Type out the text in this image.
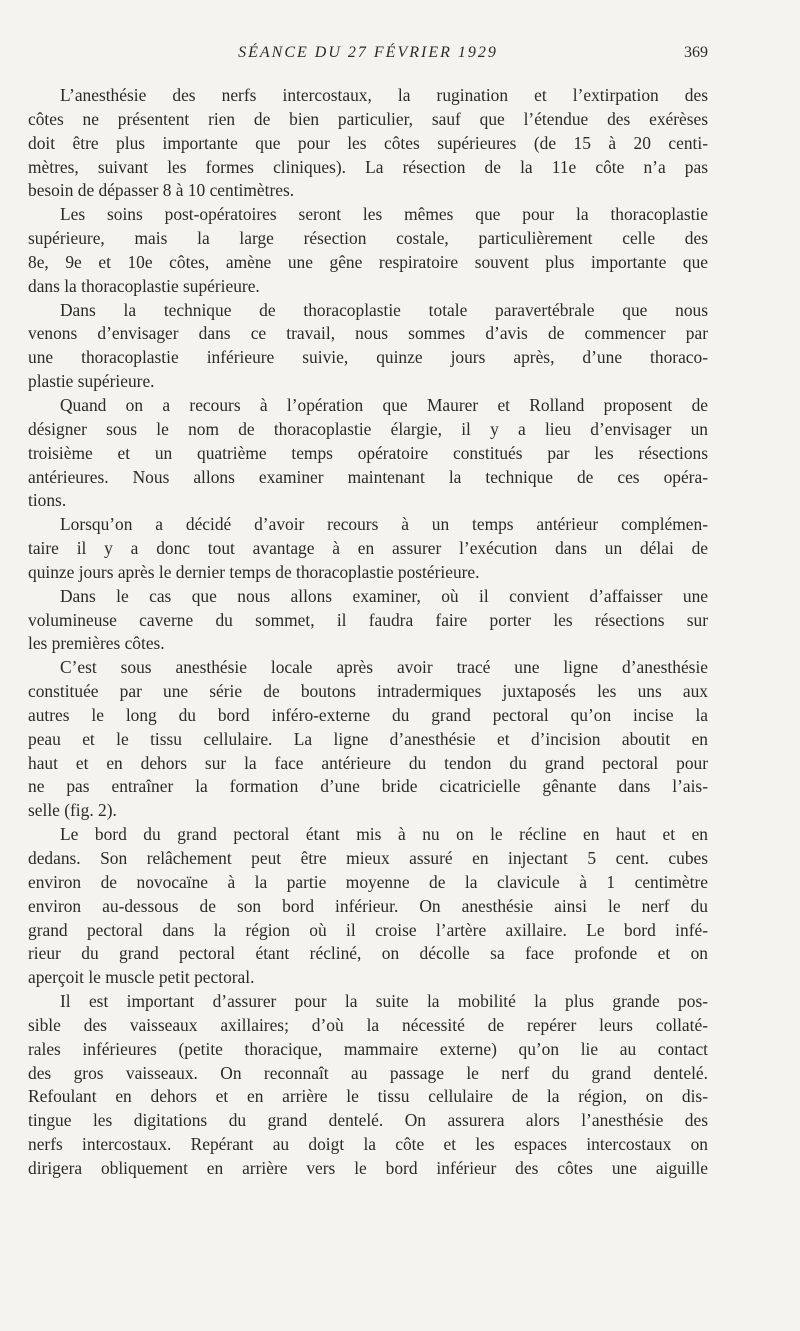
SÉANCE DU 27 FÉVRIER 1929	369
L’anesthésie des nerfs intercostaux, la rugination et l’extirpation des
côtes ne présentent rien de bien particulier, sauf que l’étendue des exérèses
doit être plus importante que pour les côtes supérieures (de 15 à 20 centi-
mètres, suivant les formes cliniques). La résection de la 11e côte n’a pas
besoin de dépasser 8 à 10 centimètres.
Les soins post-opératoires seront les mêmes que pour la thoracoplastie
supérieure, mais la large résection costale, particulièrement celle des
8e, 9e et 10e côtes, amène une gêne respiratoire souvent plus importante que
dans la thoracoplastie supérieure.
Dans la technique de thoracoplastie totale paravertébrale que nous
venons d’envisager dans ce travail, nous sommes d’avis de commencer par
une thoracoplastie inférieure suivie, quinze jours après, d’une thoraco-
plastie supérieure.
Quand on a recours à l’opération que Maurer et Rolland proposent de
désigner sous le nom de thoracoplastie élargie, il y a lieu d’envisager un
troisième et un quatrième temps opératoire constitués par les résections
antérieures. Nous allons examiner maintenant la technique de ces opéra-
tions.
Lorsqu’on a décidé d’avoir recours à un temps antérieur complémen-
taire il y a donc tout avantage à en assurer l’exécution dans un délai de
quinze jours après le dernier temps de thoracoplastie postérieure.
Dans le cas que nous allons examiner, où il convient d’affaisser une
volumineuse caverne du sommet, il faudra faire porter les résections sur
les premières côtes.
C’est sous anesthésie locale après avoir tracé une ligne d’anesthésie
constituée par une série de boutons intradermiques juxtaposés les uns aux
autres le long du bord inféro-externe du grand pectoral qu’on incise la
peau et le tissu cellulaire. La ligne d’anesthésie et d’incision aboutit en
haut et en dehors sur la face antérieure du tendon du grand pectoral pour
ne pas entraîner la formation d’une bride cicatricielle gênante dans l’ais-
selle (fig. 2).
Le bord du grand pectoral étant mis à nu on le récline en haut et en
dedans. Son relâchement peut être mieux assuré en injectant 5 cent. cubes
environ de novocaïne à la partie moyenne de la clavicule à 1 centimètre
environ au-dessous de son bord inférieur. On anesthésie ainsi le nerf du
grand pectoral dans la région où il croise l’artère axillaire. Le bord infé-
rieur du grand pectoral étant récliné, on décolle sa face profonde et on
aperçoit le muscle petit pectoral.
Il est important d’assurer pour la suite la mobilité la plus grande pos-
sible des vaisseaux axillaires; d’où la nécessité de repérer leurs collaté-
rales inférieures (petite thoracique, mammaire externe) qu’on lie au contact
des gros vaisseaux. On reconnaît au passage le nerf du grand dentelé.
Refoulant en dehors et en arrière le tissu cellulaire de la région, on dis-
tingue les digitations du grand dentelé. On assurera alors l’anesthésie des
nerfs intercostaux. Repérant au doigt la côte et les espaces intercostaux on
dirigera obliquement en arrière vers le bord inférieur des côtes une aiguille
